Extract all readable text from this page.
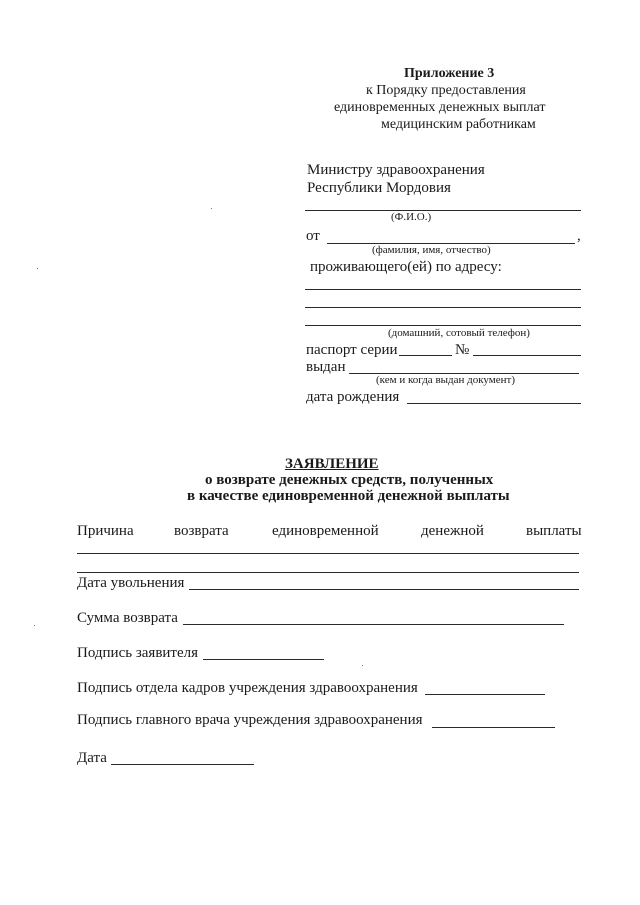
Приложение 3
к Порядку предоставления
единовременных денежных выплат
медицинским работникам
Министру здравоохранения
Республики Мордовия
(Ф.И.О.)
от	,
(фамилия, имя, отчество)
проживающего(ей) по адресу:
(домашний, сотовый телефон)
паспорт серии	№
выдан
(кем и когда выдан документ)
дата рождения
ЗАЯВЛЕНИЕ
о возврате денежных средств, полученных
в качестве единовременной денежной выплаты
Причина	возврата	единовременной	денежной	выплаты
Дата увольнения
Сумма возврата
Подпись заявителя
Подпись отдела кадров учреждения здравоохранения
Подпись главного врача учреждения здравоохранения
Дата
